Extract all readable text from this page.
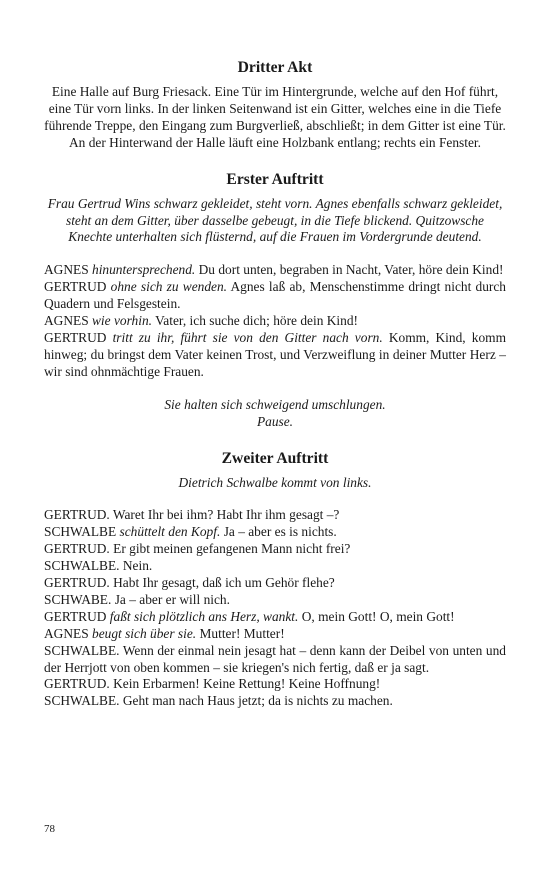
Dritter Akt

Eine Halle auf Burg Friesack. Eine Tür im Hintergrunde, welche auf den Hof führt, eine Tür vorn links. In der linken Seitenwand ist ein Gitter, welches eine in die Tiefe führende Treppe, den Eingang zum Burgverließ, abschließt; in dem Gitter ist eine Tür. An der Hinterwand der Halle läuft eine Holzbank entlang; rechts ein Fenster.

Erster Auftritt

Frau Gertrud Wins schwarz gekleidet, steht vorn. Agnes ebenfalls schwarz gekleidet, steht an dem Gitter, über dasselbe gebeugt, in die Tiefe blickend. Quitzowsche Knechte unterhalten sich flüsternd, auf die Frauen im Vordergrunde deutend.

AGNES hinuntersprechend. Du dort unten, begraben in Nacht, Vater, höre dein Kind!

GERTRUD ohne sich zu wenden. Agnes laß ab, Menschenstimme dringt nicht durch Quadern und Felsgestein.

AGNES wie vorhin. Vater, ich suche dich; höre dein Kind!

GERTRUD tritt zu ihr, führt sie von den Gitter nach vorn. Komm, Kind, komm hinweg; du bringst dem Vater keinen Trost, und Verzweiflung in deiner Mutter Herz – wir sind ohnmächtige Frauen.

Sie halten sich schweigend umschlungen.

Pause.

Zweiter Auftritt

Dietrich Schwalbe kommt von links.

GERTRUD. Waret Ihr bei ihm? Habt Ihr ihm gesagt –?

SCHWALBE schüttelt den Kopf. Ja – aber es is nichts.

GERTRUD. Er gibt meinen gefangenen Mann nicht frei?

SCHWALBE. Nein.

GERTRUD. Habt Ihr gesagt, daß ich um Gehör flehe?

SCHWABE. Ja – aber er will nich.

GERTRUD faßt sich plötzlich ans Herz, wankt. O, mein Gott! O, mein Gott!

AGNES beugt sich über sie. Mutter! Mutter!

SCHWALBE. Wenn der einmal nein jesagt hat – denn kann der Deibel von unten und der Herrjott von oben kommen – sie kriegen's nich fertig, daß er ja sagt.

GERTRUD. Kein Erbarmen! Keine Rettung! Keine Hoffnung!

SCHWALBE. Geht man nach Haus jetzt; da is nichts zu machen.

78
